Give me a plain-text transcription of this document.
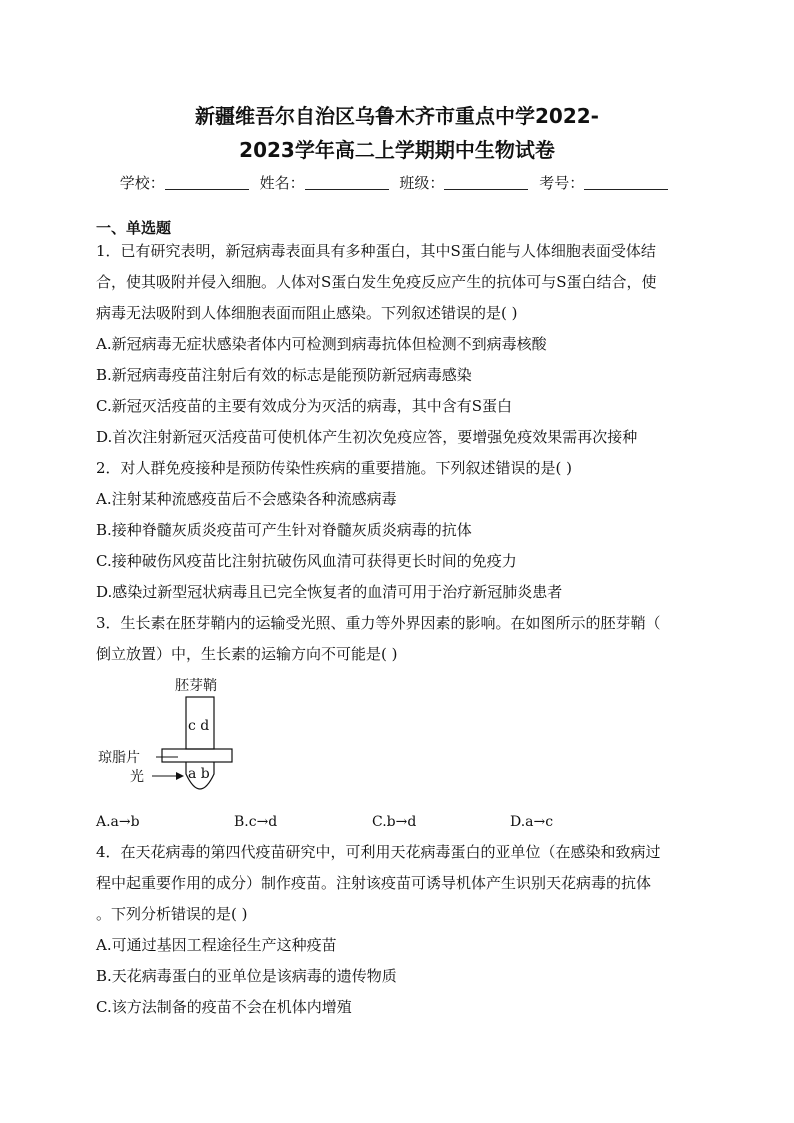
新疆维吾尔自治区乌鲁木齐市重点中学2022-
2023学年高二上学期期中生物试卷
学校：	姓名：	班级：	考号：
一、单选题
1．已有研究表明，新冠病毒表面具有多种蛋白，其中S蛋白能与人体细胞表面受体结
合，使其吸附并侵入细胞。人体对S蛋白发生免疫反应产生的抗体可与S蛋白结合，使
病毒无法吸附到人体细胞表面而阻止感染。下列叙述错误的是( )
A.新冠病毒无症状感染者体内可检测到病毒抗体但检测不到病毒核酸
B.新冠病毒疫苗注射后有效的标志是能预防新冠病毒感染
C.新冠灭活疫苗的主要有效成分为灭活的病毒，其中含有S蛋白
D.首次注射新冠灭活疫苗可使机体产生初次免疫应答，要增强免疫效果需再次接种
2．对人群免疫接种是预防传染性疾病的重要措施。下列叙述错误的是( )
A.注射某种流感疫苗后不会感染各种流感病毒
B.接种脊髓灰质炎疫苗可产生针对脊髓灰质炎病毒的抗体
C.接种破伤风疫苗比注射抗破伤风血清可获得更长时间的免疫力
D.感染过新型冠状病毒且已完全恢复者的血清可用于治疗新冠肺炎患者
3．生长素在胚芽鞘内的运输受光照、重力等外界因素的影响。在如图所示的胚芽鞘（
倒立放置）中，生长素的运输方向不可能是( )
胚芽鞘
c d
琼脂片
a b
光
A.a→b	B.c→d	C.b→d	D.a→c
4．在天花病毒的第四代疫苗研究中，可利用天花病毒蛋白的亚单位（在感染和致病过
程中起重要作用的成分）制作疫苗。注射该疫苗可诱导机体产生识别天花病毒的抗体
。下列分析错误的是( )
A.可通过基因工程途径生产这种疫苗
B.天花病毒蛋白的亚单位是该病毒的遗传物质
C.该方法制备的疫苗不会在机体内增殖
